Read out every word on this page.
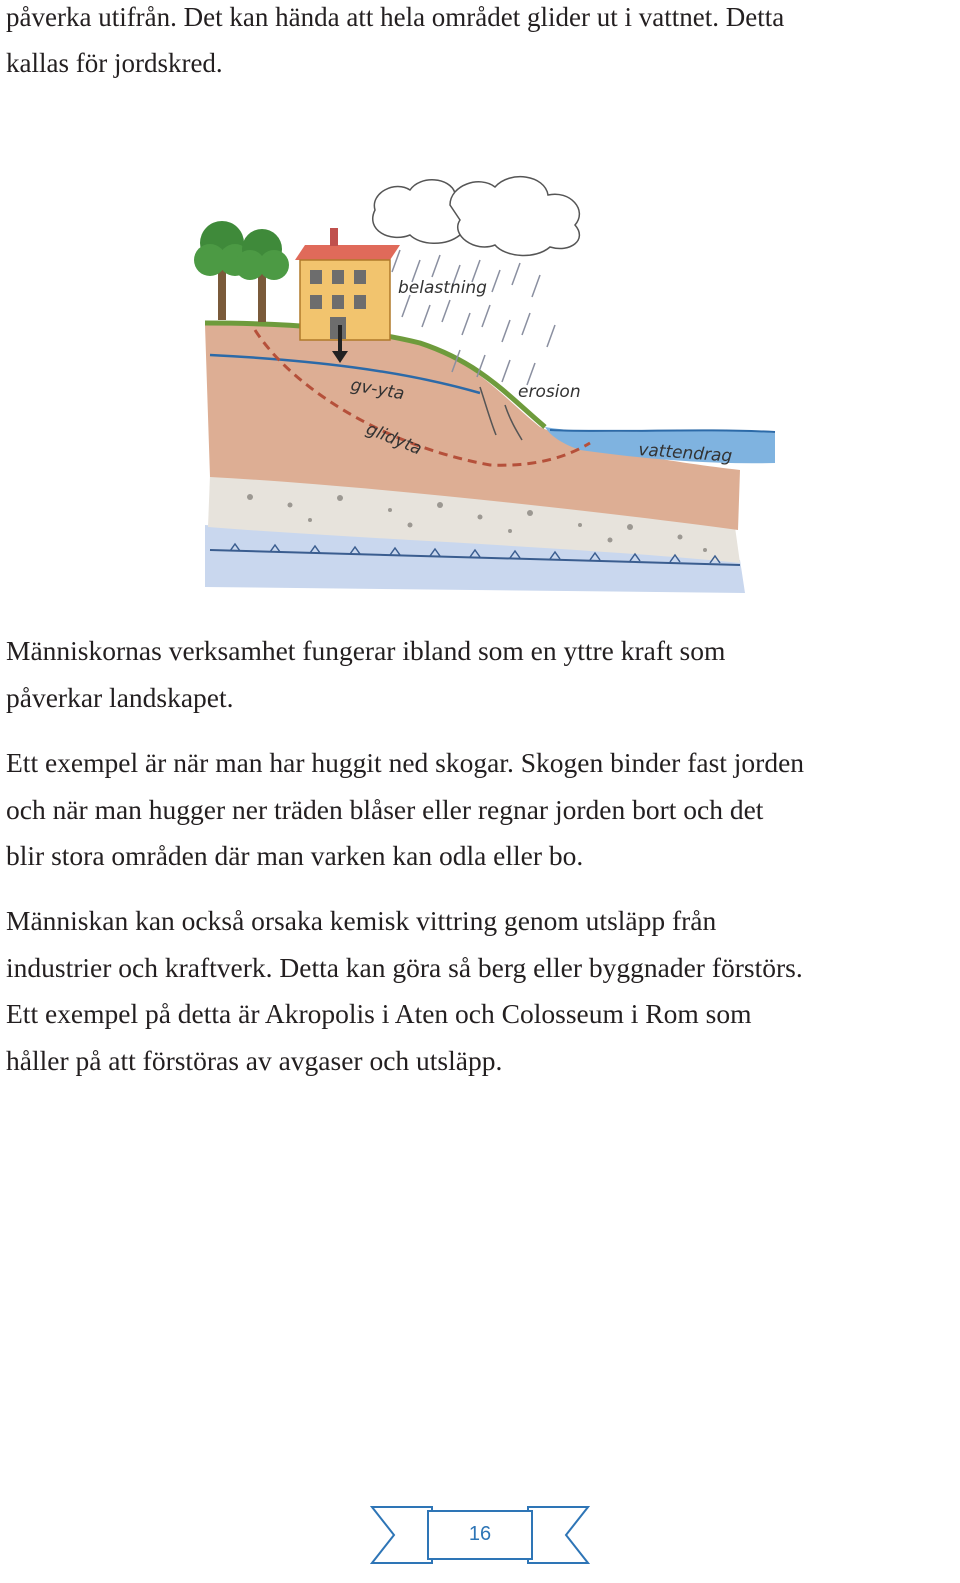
påverka utifrån. Det kan hända att hela området glider ut i vattnet. Detta
kallas för jordskred.
belastning
gv-yta
glidyta
erosion
vattendrag
Människornas verksamhet fungerar ibland som en yttre kraft som
påverkar landskapet.
Ett exempel är när man har huggit ned skogar. Skogen binder fast jorden
och när man hugger ner träden blåser eller regnar jorden bort och det
blir stora områden där man varken kan odla eller bo.
Människan kan också orsaka kemisk vittring genom utsläpp från
industrier och kraftverk. Detta kan göra så berg eller byggnader förstörs.
Ett exempel på detta är Akropolis i Aten och Colosseum i Rom som
håller på att förstöras av avgaser och utsläpp.
16
